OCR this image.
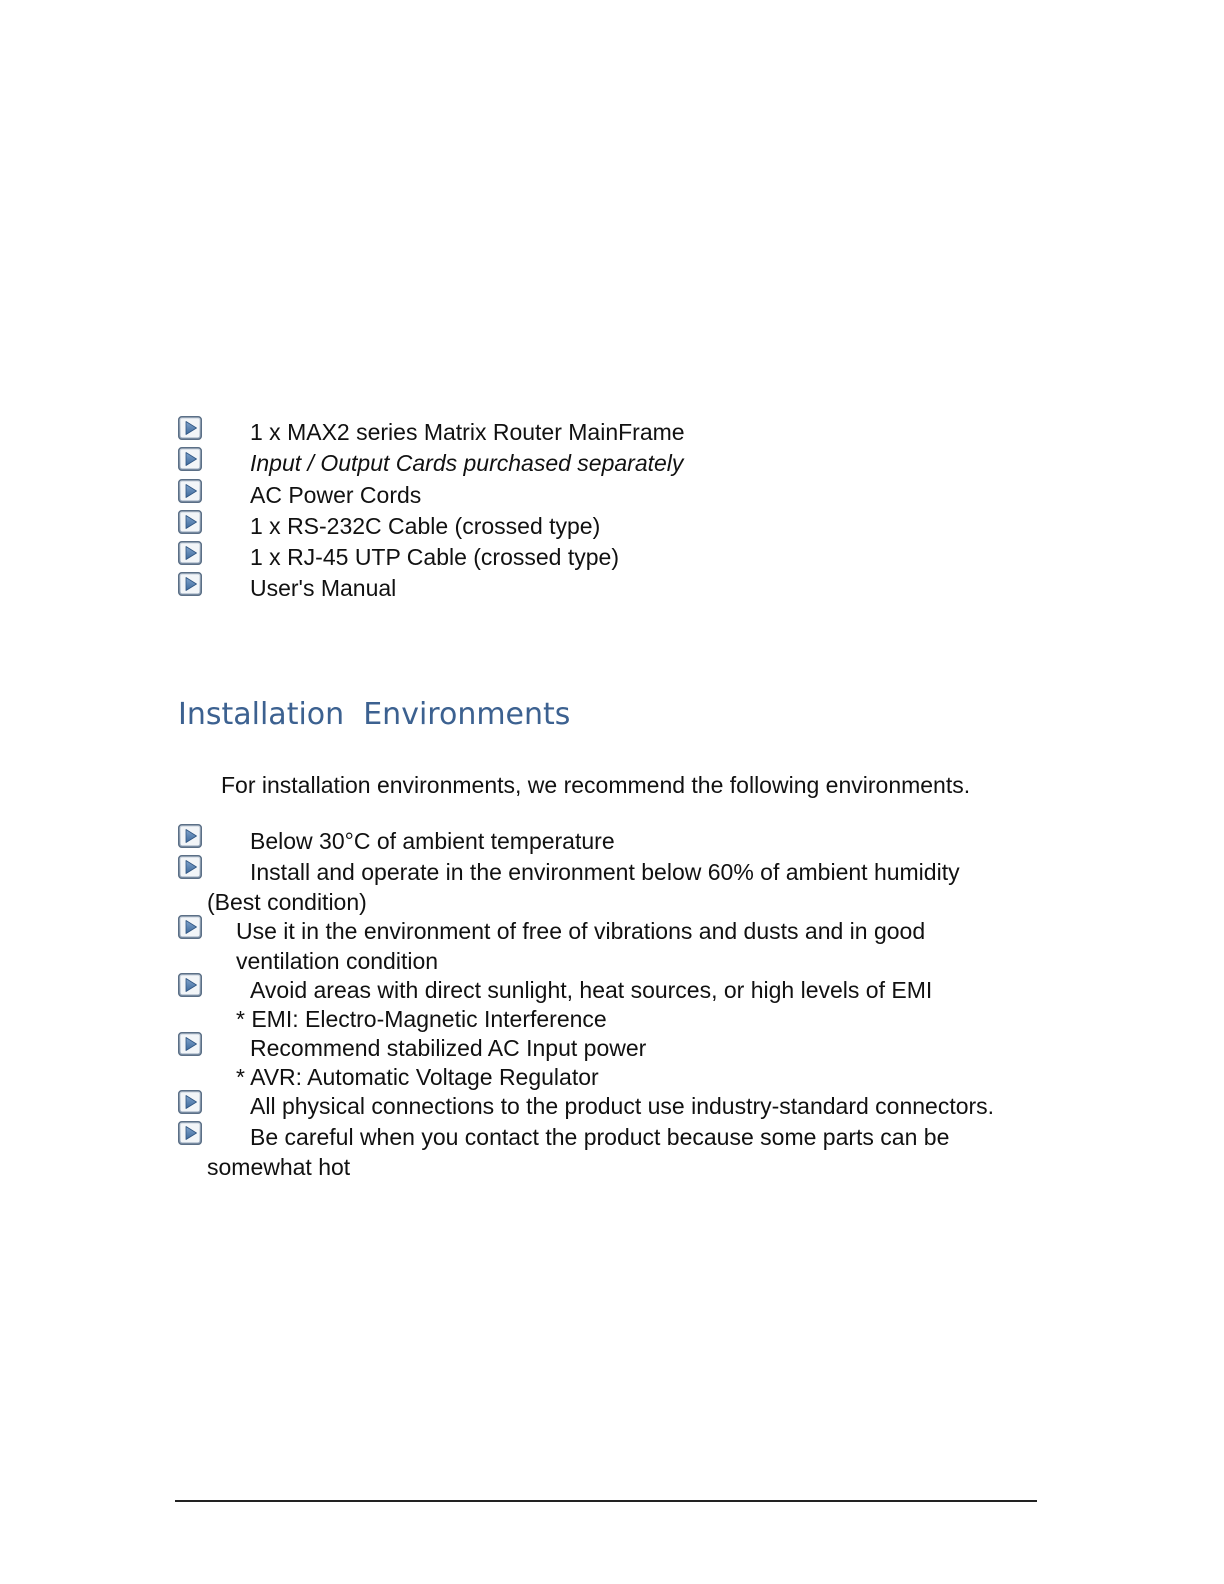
1 x MAX2 series Matrix Router MainFrame
Input / Output Cards purchased separately
AC Power Cords
1 x RS-232C Cable (crossed type)
1 x RJ-45 UTP Cable (crossed type)
User's Manual
Installation  Environments
For installation environments, we recommend the following environments.
Below 30°C of ambient temperature
Install and operate in the environment below 60% of ambient humidity
(Best condition)
Use it in the environment of free of vibrations and dusts and in good
ventilation condition
Avoid areas with direct sunlight, heat sources, or high levels of EMI
* EMI: Electro-Magnetic Interference
Recommend stabilized AC Input power
* AVR: Automatic Voltage Regulator
All physical connections to the product use industry-standard connectors.
Be careful when you contact the product because some parts can be
somewhat hot
